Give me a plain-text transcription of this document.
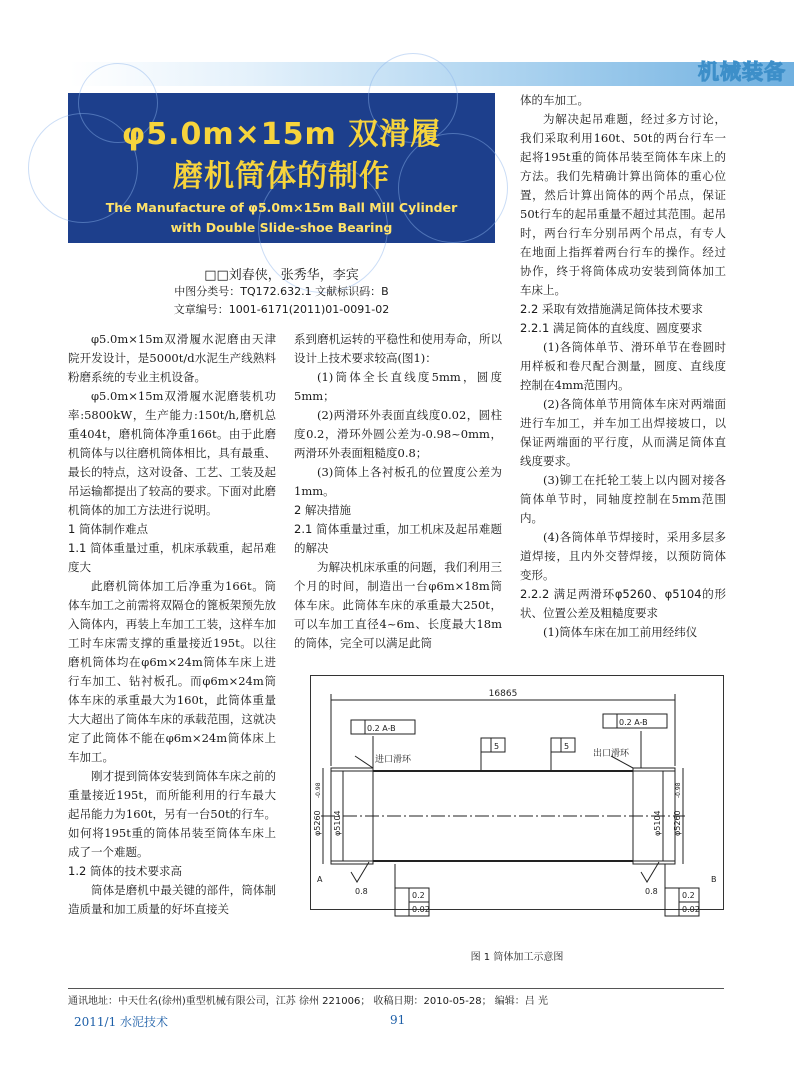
机械装备
φ5.0m×15m 双滑履
磨机筒体的制作
The Manufacture of φ5.0m×15m Ball Mill Cylinder
with Double Slide-shoe Bearing
□□刘春侠，张秀华，李宾
中图分类号：TQ172.632.1 文献标识码：B
文章编号：1001-6171(2011)01-0091-02

φ5.0m×15m双滑履水泥磨由天津院开发设计，是5000t/d水泥生产线熟料粉磨系统的专业主机设备。

φ5.0m×15m双滑履水泥磨装机功率:5800kW，生产能力:150t/h,磨机总重404t，磨机筒体净重166t。由于此磨机筒体与以往磨机筒体相比，具有最重、最长的特点，这对设备、工艺、工装及起吊运输都提出了较高的要求。下面对此磨机筒体的加工方法进行说明。

1 筒体制作难点

1.1 简体重量过重，机床承载重，起吊难度大

此磨机筒体加工后净重为166t。筒体车加工之前需将双隔仓的篦板架预先放入筒体内，再装上车加工工装，这样车加工时车床需支撑的重量接近195t。以往磨机筒体均在φ6m×24m筒体车床上进行车加工、钻衬板孔。而φ6m×24m筒体车床的承重最大为160t，此筒体重量大大超出了筒体车床的承载范围，这就决定了此筒体不能在φ6m×24m筒体床上车加工。

刚才提到筒体安装到筒体车床之前的重量接近195t，而所能利用的行车最大起吊能力为160t，另有一台50t的行车。如何将195t重的筒体吊装至筒体车床上成了一个难题。

1.2 筒体的技术要求高

筒体是磨机中最关键的部件，筒体制造质量和加工质量的好坏直接关

系到磨机运转的平稳性和使用寿命，所以设计上技术要求较高(图1)：

(1)筒体全长直线度5mm，圆度5mm；

(2)两滑环外表面直线度0.02，圆柱度0.2，滑环外圆公差为-0.98~0mm，两滑环外表面粗糙度0.8；

(3)筒体上各衬板孔的位置度公差为1mm。

2 解决措施

2.1 简体重量过重，加工机床及起吊难题的解决

为解决机床承重的问题，我们利用三个月的时间，制造出一台φ6m×18m筒体车床。此筒体车床的承重最大250t，可以车加工直径4~6m、长度最大18m的筒体，完全可以满足此筒

体的车加工。

为解决起吊难题，经过多方讨论，我们采取利用160t、50t的两台行车一起将195t重的筒体吊装至筒体车床上的方法。我们先精确计算出筒体的重心位置，然后计算出筒体的两个吊点，保证50t行车的起吊重量不超过其范围。起吊时，两台行车分别吊两个吊点，有专人在地面上指挥着两台行车的操作。经过协作，终于将筒体成功安装到筒体加工车床上。

2.2 采取有效措施满足筒体技术要求

2.2.1 满足筒体的直线度、圆度要求

(1)各筒体单节、滑环单节在卷圆时用样板和卷尺配合测量，圆度、直线度控制在4mm范围内。

(2)各筒体单节用筒体车床对两端面进行车加工，并车加工出焊接坡口，以保证两端面的平行度，从而满足筒体直线度要求。

(3)铆工在托轮工装上以内圆对接各筒体单节时，同轴度控制在5mm范围内。

(4)各筒体单节焊接时，采用多层多道焊接，且内外交替焊接，以预防筒体变形。

2.2.2 满足两滑环φ5260、φ5104的形状、位置公差及粗糙度要求

(1)筒体车床在加工前用经纬仪

16865
0.2 A-B
0.2 A-B
5	5
进口滑环
出口滑环
φ5260 φ5104	φ5260
φ5104
-0.98	-0.98
A	B
0.8	0.8
0.2
0.02
0.2
0.02
图 1 筒体加工示意图
通讯地址：中天仕名(徐州)重型机械有限公司，江苏 徐州 221006； 收稿日期：2010-05-28； 编辑：吕 光
2011/1 水泥技术	91
